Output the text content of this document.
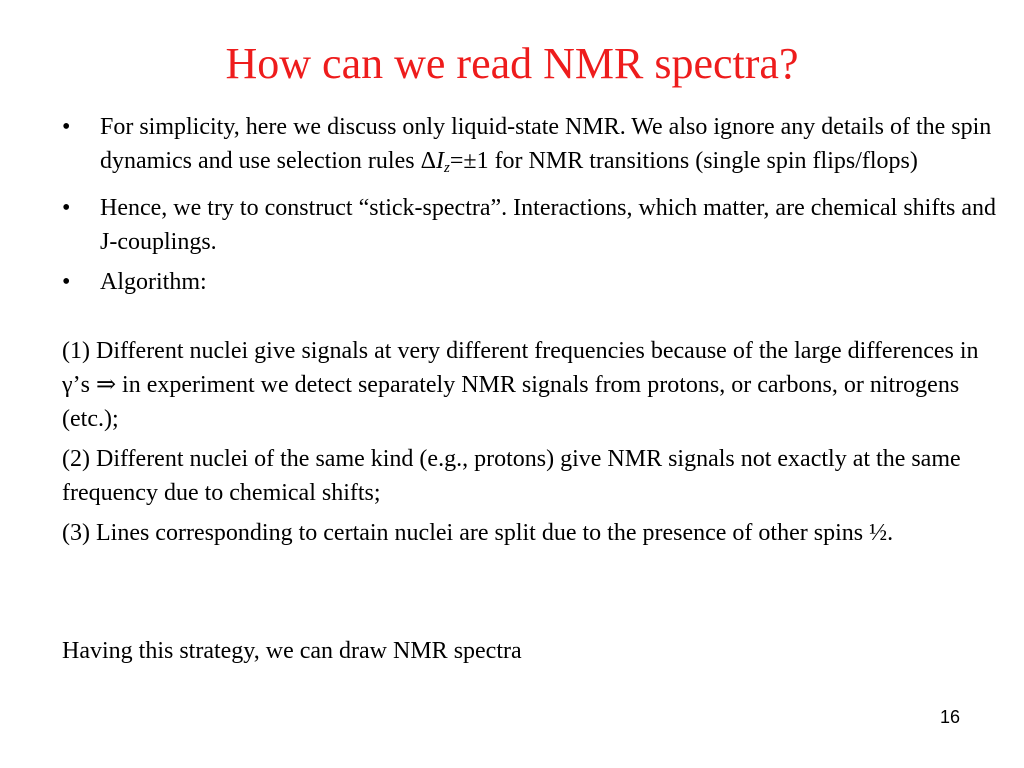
How can we read NMR spectra?
•	For simplicity, here we discuss only liquid-state NMR. We also ignore any details of the spin dynamics and use selection rules $\Delta I_z=\pm 1$ for NMR transitions (single spin flips/flops)
•	Hence, we try to construct “stick-spectra”. Interactions, which matter, are chemical shifts and J-couplings.
•	Algorithm:
(1) Different nuclei give signals at very different frequencies because of the large differences in γ’s ⇒ in experiment we detect separately NMR signals from protons, or carbons, or nitrogens (etc.);
(2) Different nuclei of the same kind (e.g., protons) give NMR signals not exactly at the same frequency due to chemical shifts;
(3) Lines corresponding to certain nuclei are split due to the presence of other spins ½.
Having this strategy, we can draw NMR spectra
16
